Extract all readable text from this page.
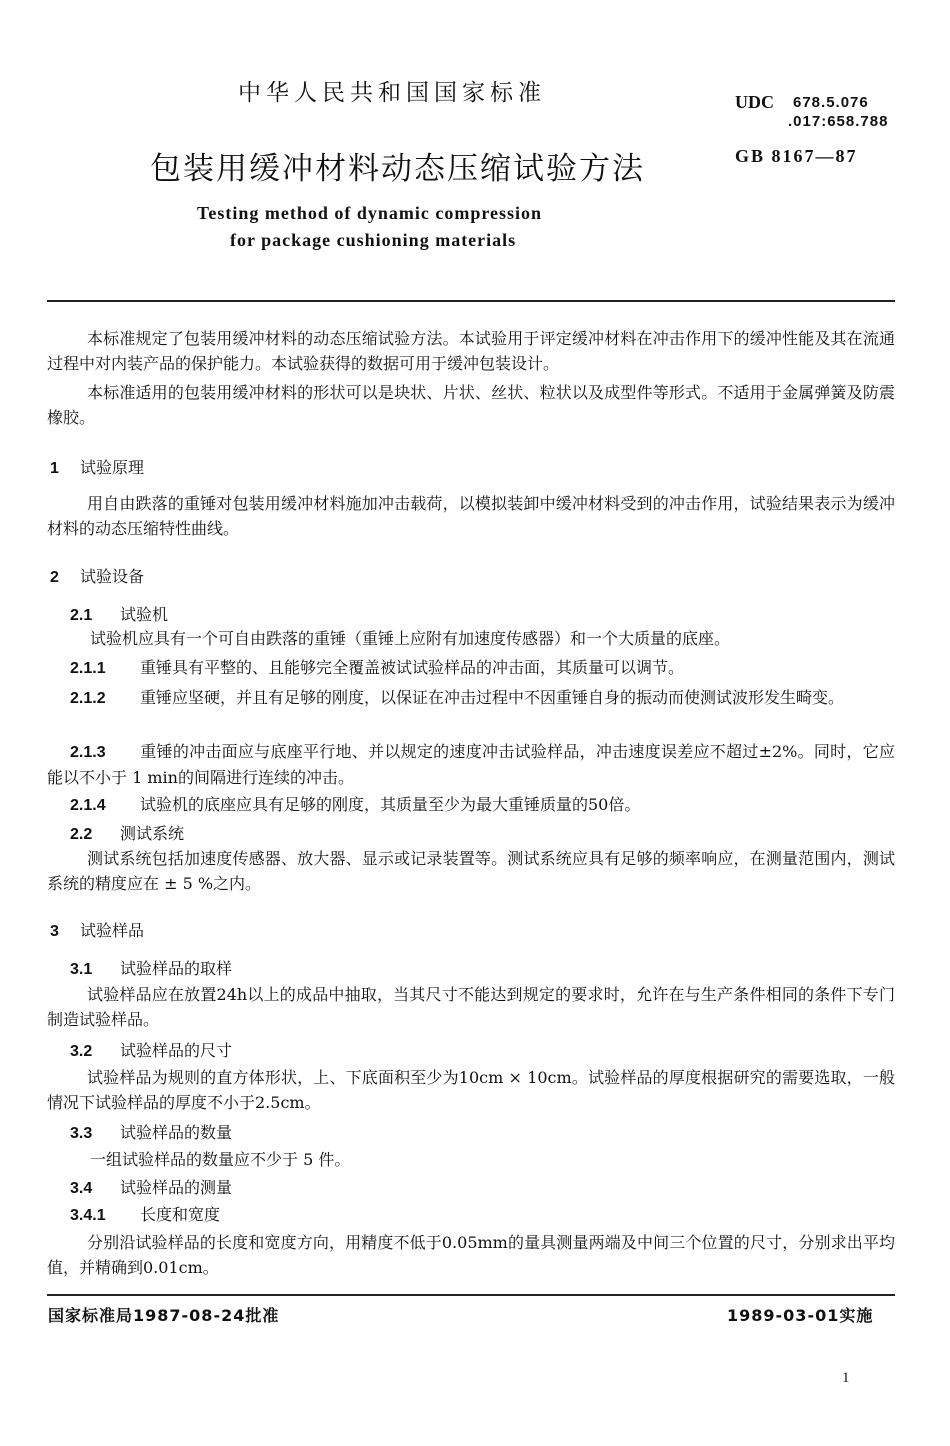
中华人民共和国国家标准	UDC 678.5.076
.017:658.788
包装用缓冲材料动态压缩试验方法	GB 8167—87
Testing method of dynamic compression
for package cushioning materials

本标准规定了包装用缓冲材料的动态压缩试验方法。本试验用于评定缓冲材料在冲击作用下的缓冲性能及其在流通过程中对内装产品的保护能力。本试验获得的数据可用于缓冲包装设计。

本标准适用的包装用缓冲材料的形状可以是块状、片状、丝状、粒状以及成型件等形式。不适用于金属弹簧及防震橡胶。

1 试验原理

用自由跌落的重锤对包装用缓冲材料施加冲击载荷，以模拟装卸中缓冲材料受到的冲击作用，试验结果表示为缓冲材料的动态压缩特性曲线。

2 试验设备
2.1 试验机
试验机应具有一个可自由跌落的重锤（重锤上应附有加速度传感器）和一个大质量的底座。
2.1.1 重锤具有平整的、且能够完全覆盖被试试验样品的冲击面，其质量可以调节。

2.1.2 重锤应坚硬，并且有足够的刚度，以保证在冲击过程中不因重锤自身的振动而使测试波形发生畸变。

2.1.3 重锤的冲击面应与底座平行地、并以规定的速度冲击试验样品，冲击速度误差应不超过±2%。同时，它应能以不小于 1 min的间隔进行连续的冲击。

2.1.4 试验机的底座应具有足够的刚度，其质量至少为最大重锤质量的50倍。
2.2 测试系统

测试系统包括加速度传感器、放大器、显示或记录装置等。测试系统应具有足够的频率响应，在测量范围内，测试系统的精度应在 ± 5 %之内。

3 试验样品
3.1 试验样品的取样

试验样品应在放置24h以上的成品中抽取，当其尺寸不能达到规定的要求时，允许在与生产条件相同的条件下专门制造试验样品。

3.2 试验样品的尺寸

试验样品为规则的直方体形状，上、下底面积至少为10cm × 10cm。试验样品的厚度根据研究的需要选取，一般情况下试验样品的厚度不小于2.5cm。

3.3 试验样品的数量
一组试验样品的数量应不少于 5 件。
3.4 试验样品的测量
3.4.1 长度和宽度

分别沿试验样品的长度和宽度方向，用精度不低于0.05mm的量具测量两端及中间三个位置的尺寸，分别求出平均值，并精确到0.01cm。

国家标准局1987-08-24批准	1989-03-01实施
1
